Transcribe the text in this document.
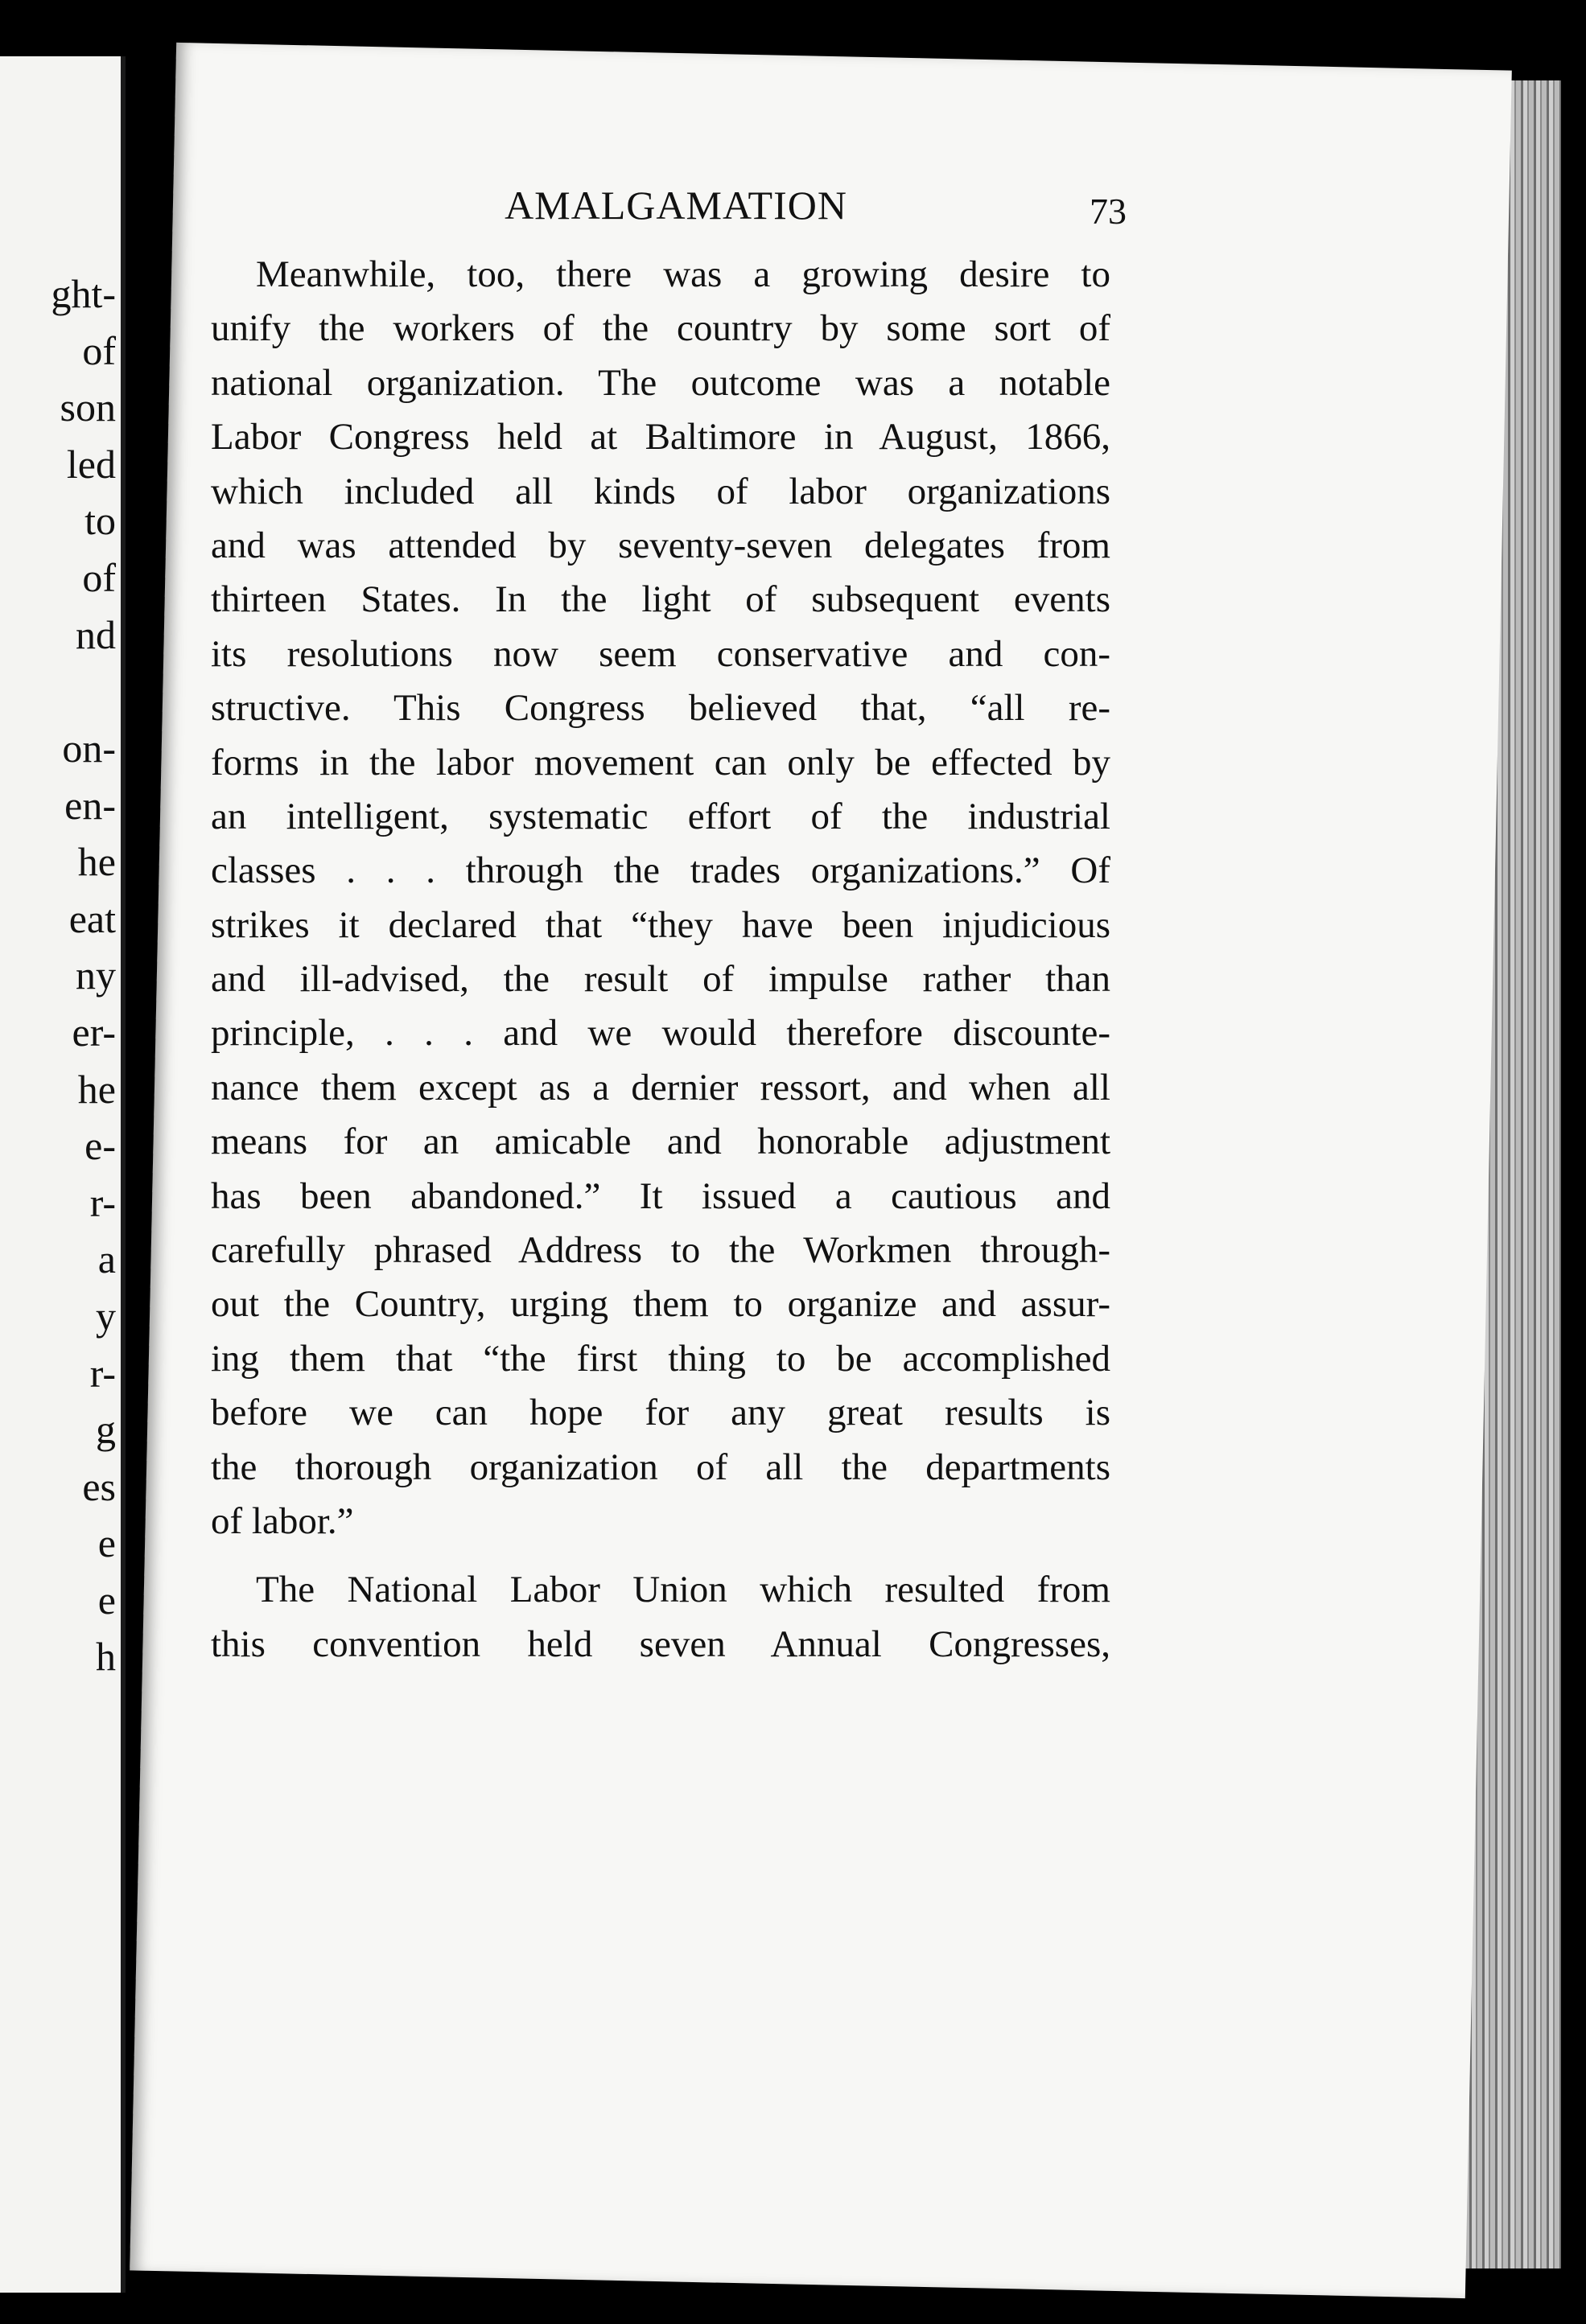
ght-

of

son

led

to

of

nd

on-

en-

he

eat

ny

er-

he

e-

r-

a

y

r-

g

es

e

e

h

AMALGAMATION	73

Meanwhile, too, there was a growing desire to

unify the workers of the country by some sort of

national organization. The outcome was a notable

Labor Congress held at Baltimore in August, 1866,

which included all kinds of labor organizations

and was attended by seventy-seven delegates from

thirteen States. In the light of subsequent events

its resolutions now seem conservative and con-

structive. This Congress believed that, “all re-

forms in the labor movement can only be effected by

an intelligent, systematic effort of the industrial

classes . . . through the trades organizations.” Of

strikes it declared that “they have been injudicious

and ill-advised, the result of impulse rather than

principle, . . . and we would therefore discounte-

nance them except as a dernier ressort, and when all

means for an amicable and honorable adjustment

has been abandoned.” It issued a cautious and

carefully phrased Address to the Workmen through-

out the Country, urging them to organize and assur-

ing them that “the first thing to be accomplished

before we can hope for any great results is

the thorough organization of all the departments

of labor.”

The National Labor Union which resulted from

this convention held seven Annual Congresses,
